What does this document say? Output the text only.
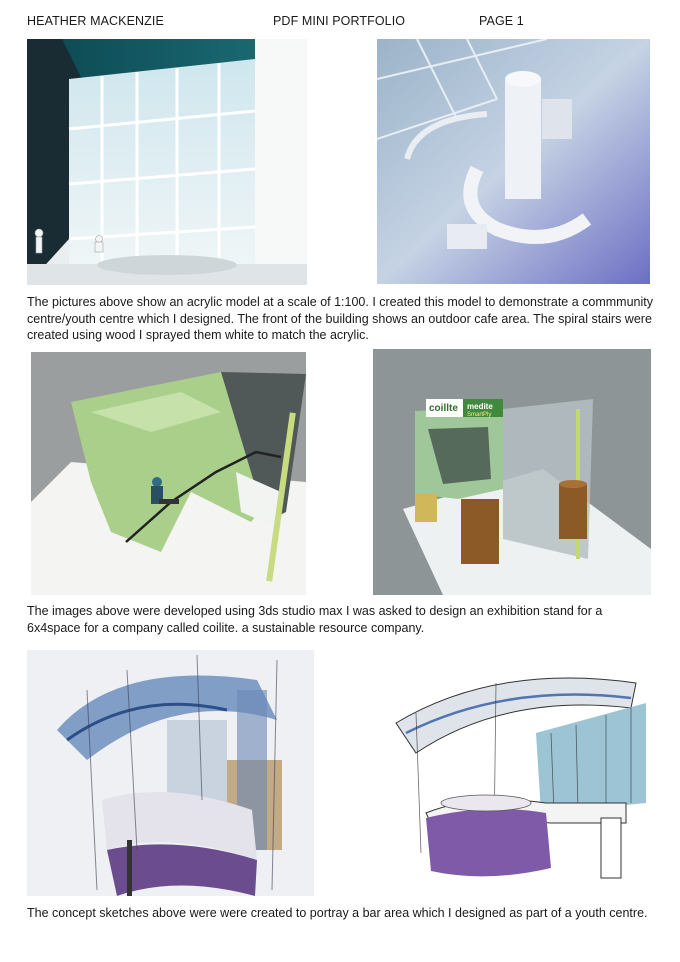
HEATHER MACKENZIE	PDF MINI PORTFOLIO	PAGE 1
The pictures above show an acrylic model at a scale of 1:100. I created this model to demonstrate a commmunity centre/youth centre which I designed. The front of the building shows an outdoor cafe area. The spiral stairs were created using wood I sprayed them white to match the acrylic.
coillte medite
SmartPly
The images above were developed using 3ds studio max I was asked to design an exhibition stand for a 6x4space for a company called coilite. a sustainable resource company.
The concept sketches above were were created to portray a bar area which I designed as part of a youth centre.
